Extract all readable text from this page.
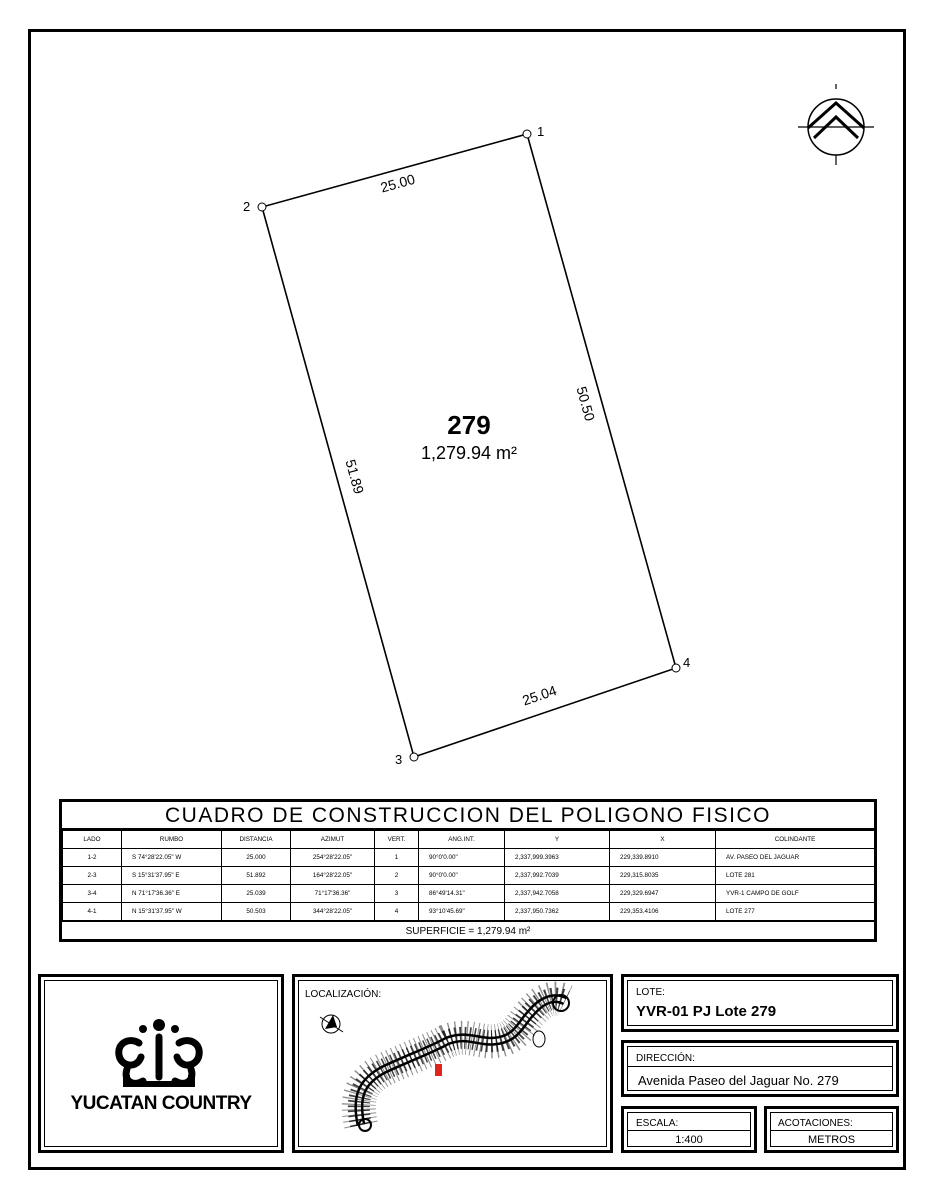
1
2
3
4
25.00
51.89
25.04
50.50
279
1,279.94 m²
CUADRO DE CONSTRUCCION DEL POLIGONO FISICO
LADO	RUMBO	DISTANCIA	AZIMUT	VERT.	ANG.INT.	Y	X	COLINDANTE
1-2	S 74°28'22.05" W	25.000	254°28'22.05"	1	90°0'0.00"	2,337,999.3963	229,339.8910	AV. PASEO DEL JAGUAR
2-3	S 15°31'37.95" E	51.892	164°28'22.05"	2	90°0'0.00"	2,337,992.7039	229,315.8035	LOTE 281
3-4	N 71°17'36.36" E	25.039	71°17'36.36"	3	86°49'14.31"	2,337,942.7058	229,329.6947	YVR-1 CAMPO DE GOLF
4-1	N 15°31'37.95" W	50.503	344°28'22.05"	4	93°10'45.69"	2,337,950.7362	229,353.4106	LOTE 277
SUPERFICIE = 1,279.94 m²
YUCATAN COUNTRY
LOCALIZACIÓN:	LOTE:
YVR-01 PJ Lote 279
DIRECCIÓN:
Avenida Paseo del Jaguar No. 279
ESCALA:
1:400
ACOTACIONES:
METROS
